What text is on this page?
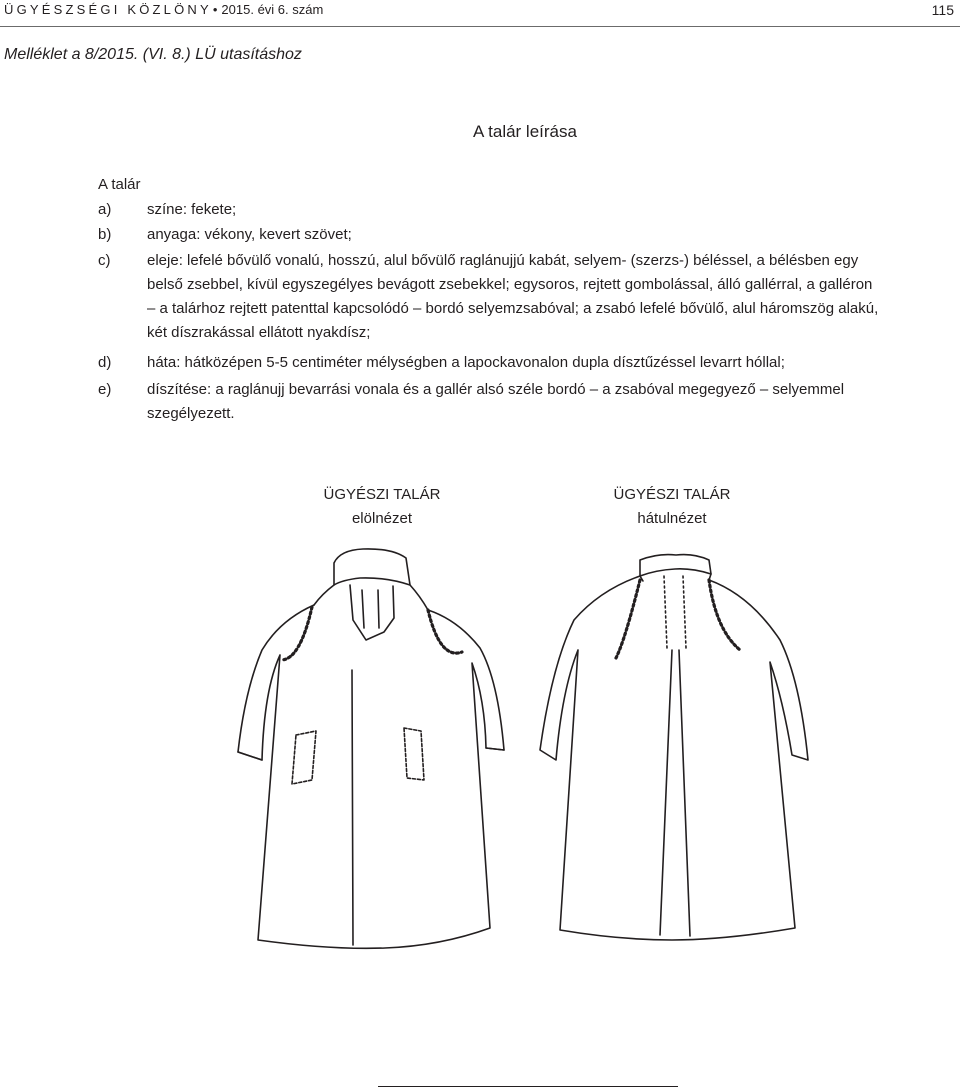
ÜGYÉSZSÉGI KÖZLÖNY• 2015. évi 6. szám	115
Melléklet a 8/2015. (VI. 8.) LÜ utasításhoz
A talár leírása
A talár
a) színe: fekete;
b) anyaga: vékony, kevert szövet;
c) eleje: lefelé bővülő vonalú, hosszú, alul bővülő raglánujjú kabát, selyem- (szerzs-) béléssel, a bélésben egy
belső zsebbel, kívül egyszegélyes bevágott zsebekkel; egysoros, rejtett gombolással, álló gallérral, a galléron
– a talárhoz rejtett patenttal kapcsolódó – bordó selyemzsabóval; a zsabó lefelé bővülő, alul háromszög alakú,
két díszrakással ellátott nyakdísz;
d) háta: hátközépen 5-5 centiméter mélységben a lapockavonalon dupla dísztűzéssel levarrt hóllal;
e) díszítése: a raglánujj bevarrási vonala és a gallér alsó széle bordó – a zsabóval megegyező – selyemmel
szegélyezett.
ÜGYÉSZI TALÁR
elölnézet
ÜGYÉSZI TALÁR
hátulnézet
